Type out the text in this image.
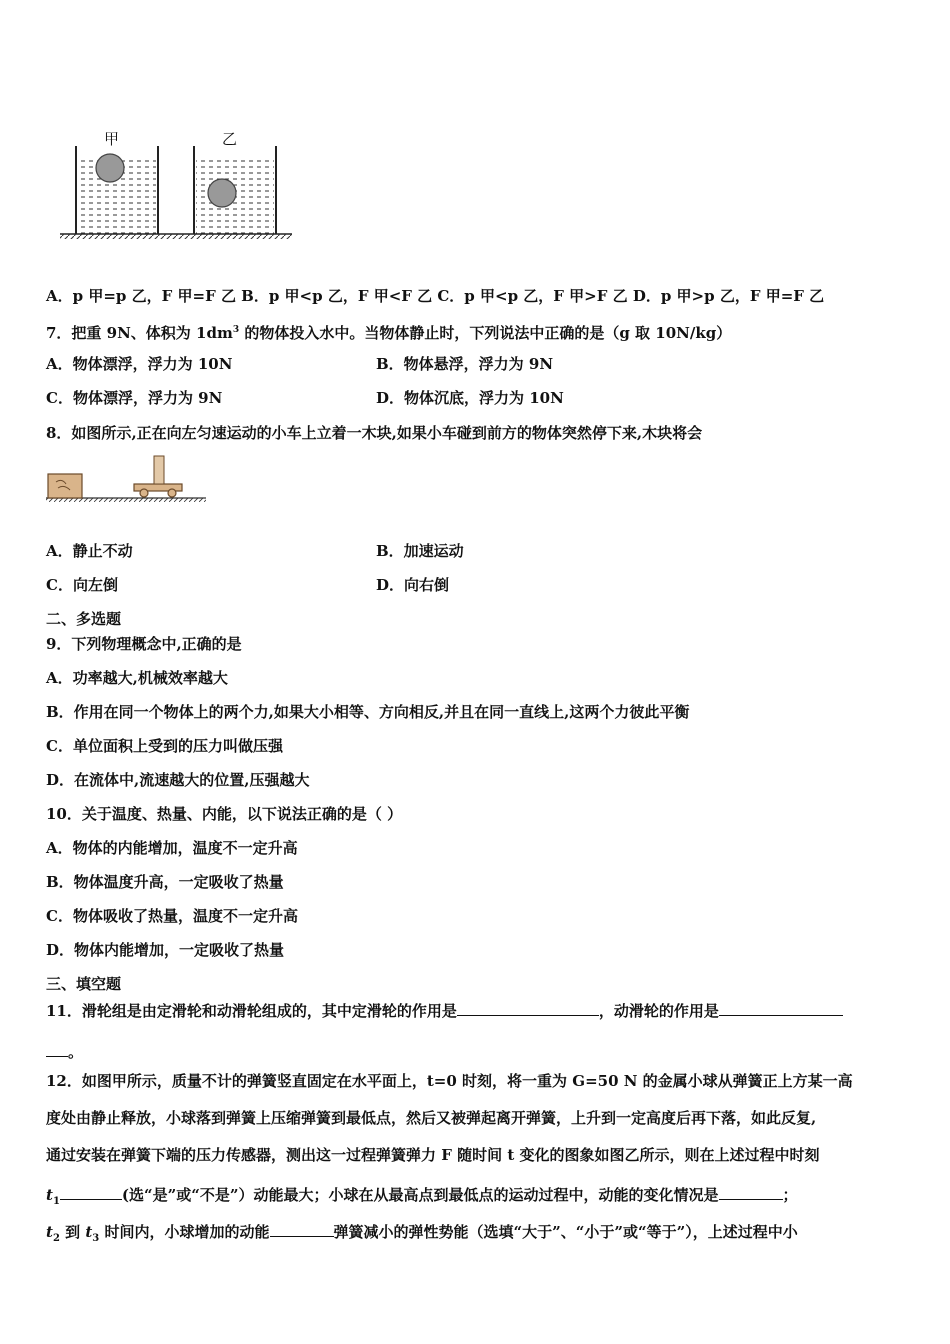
甲	乙
A．p 甲=p 乙，F 甲=F 乙 B．p 甲<p 乙，F 甲<F 乙 C．p 甲<p 乙，F 甲>F 乙 D．p 甲>p 乙，F 甲=F 乙
7．把重 9N、体积为 $1dm^3$ 的物体投入水中。当物体静止时，下列说法中正确的是（g 取 10N/kg）
A．物体漂浮，浮力为 10N	B．物体悬浮，浮力为 9N
C．物体漂浮，浮力为 9N	D．物体沉底，浮力为 10N
8．如图所示,正在向左匀速运动的小车上立着一木块,如果小车碰到前方的物体突然停下来,木块将会
A．静止不动	B．加速运动
C．向左倒	D．向右倒
二、多选题
9．下列物理概念中,正确的是
A．功率越大,机械效率越大
B．作用在同一个物体上的两个力,如果大小相等、方向相反,并且在同一直线上,这两个力彼此平衡
C．单位面积上受到的压力叫做压强
D．在流体中,流速越大的位置,压强越大
10．关于温度、热量、内能，以下说法正确的是（ ）
A．物体的内能增加，温度不一定升高
B．物体温度升高，一定吸收了热量
C．物体吸收了热量，温度不一定升高
D．物体内能增加，一定吸收了热量
三、填空题
11．滑轮组是由定滑轮和动滑轮组成的，其中定滑轮的作用是	，动滑轮的作用是
。
12．如图甲所示，质量不计的弹簧竖直固定在水平面上，t=0 时刻，将一重为 G=50 N 的金属小球从弹簧正上方某一高
度处由静止释放，小球落到弹簧上压缩弹簧到最低点，然后又被弹起离开弹簧，上升到一定高度后再下落，如此反复,
通过安装在弹簧下端的压力传感器，测出这一过程弹簧弹力 F 随时间 t 变化的图象如图乙所示，则在上述过程中时刻
$t_1$	(选“是”或“不是”）动能最大；小球在从最高点到最低点的运动过程中，动能的变化情况是	；
$t_2$ 到 $t_3$ 时间内，小球增加的动能	弹簧减小的弹性势能（选填“大于”、“小于”或“等于”），上述过程中小
